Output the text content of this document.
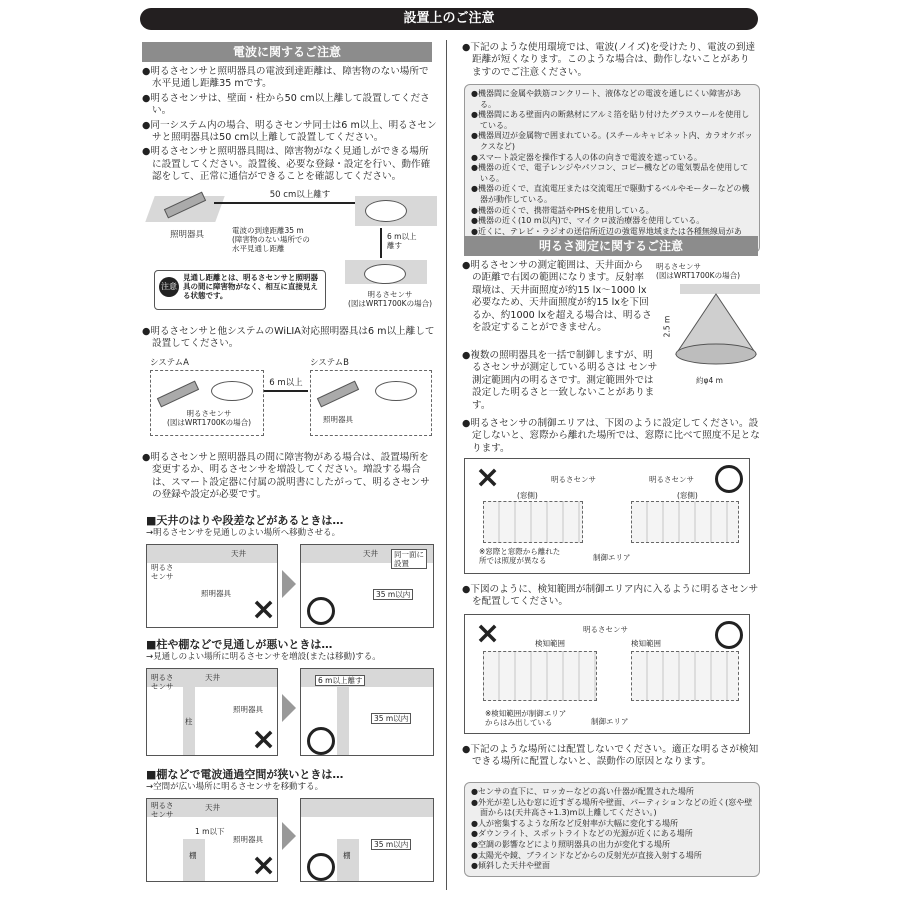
設置上のご注意
電波に関するご注意

●明るさセンサと照明器具の電波到達距離は、障害物のない場所で水平見通し距離35 mです。

●明るさセンサは、壁面・柱から50 cm以上離して設置してください。

●同一システム内の場合、明るさセンサ同士は6 m以上、明るさセンサと照明器具は50 cm以上離して設置してください。

●明るさセンサと照明器具間は、障害物がなく見通しができる場所に設置してください。設置後、必要な登録・設定を行い、動作確認をして、正常に通信ができることを確認してください。

50 cm以上離す
照明器具	電波の到達距離35 m
(障害物のない場所での
水平見通し距離
6 m以上
離す
明るさセンサ
(図はWRT1700Kの場合)
注意
見通し距離とは、明るさセンサと照明器具の間に障害物がなく、相互に直接見える状態です。

●明るさセンサと他システムのWiLIA対応照明器具は6 m以上離して設置してください。

システムA	システムB
明るさセンサ
(図はWRT1700Kの場合)
6 m以上
照明器具

●明るさセンサと照明器具の間に障害物がある場合は、設置場所を変更するか、明るさセンサを増設してください。増設する場合は、スマート設定器に付属の説明書にしたがって、明るさセンサの登録や設定が必要です。

■天井のはりや段差などがあるときは…
→明るさセンサを見通しのよい場所へ移動させる。
天井
明るさ
センサ
照明器具 ×
天井	同一面に
設置
35 m以内
■柱や棚などで見通しが悪いときは…
→見通しのよい場所に明るさセンサを増設(または移動)する。
天井
明るさ
センサ
柱
照明器具
×
6 m以上離す
35 m以内
■棚などで電波通過空間が狭いときは…
→空間が広い場所に明るさセンサを移動する。
天井
明るさ
センサ
1 m以下
棚
照明器具
×	棚
35 m以内

●下記のような使用環境では、電波(ノイズ)を受けたり、電波の到達距離が短くなります。このような場合は、動作しないことがありますのでご注意ください。

●機器間に金属や鉄筋コンクリート、液体などの電波を通しにくい障害がある。
●機器間にある壁面内の断熱材にアルミ箔を貼り付けたグラスウールを使用している。
●機器周辺が金属物で囲まれている。(スチールキャビネット内、カラオケボックスなど)
●スマート設定器を操作する人の体の向きで電波を遮っている。
●機器の近くで、電子レンジやパソコン、コピー機などの電気製品を使用している。
●機器の近くで、直流電圧または交流電圧で駆動するベルやモーターなどの機器が動作している。
●機器の近くで、携帯電話やPHSを使用している。
●機器の近く(10 m以内)で、マイクロ波治療器を使用している。
●近くに、テレビ・ラジオの送信所近辺の強電界地域または各種無線局があ
明るさ測定に関するご注意

●明るさセンサの測定範囲は、天井面からの距離で右図の範囲になります。反射率環境は、天井面照度が約15 lx～1000 lx必要なため、天井面照度が約15 lxを下回るか、約1000 lxを超える場合は、明るさを設定することができません。

明るさセンサ
(図はWRT1700Kの場合)
2.5 m
約φ4 m

●複数の照明器具を一括で制御しますが、明るさセンサが測定している明るさは センサ測定範囲内の明るさです。測定範囲外では設定した明るさと一致しないことがあります。

●明るさセンサの制御エリアは、下図のように設定してください。設定しないと、窓際から離れた場所では、窓際に比べて照度不足となります。

×	明るさセンサ
(窓側)
※窓際と窓際から離れた
所では照度が異なる	制御エリア
明るさセンサ
(窓側)

●下図のように、検知範囲が制御エリア内に入るように明るさセンサを配置してください。

×	明るさセンサ
検知範囲
※検知範囲が制御エリア
からはみ出している	制御エリア
検知範囲

●下記のような場所には配置しないでください。適正な明るさが検知できる場所に配置しないと、誤動作の原因となります。

●センサの直下に、ロッカーなどの高い什器が配置された場所
●外光が差し込む窓に近すぎる場所や壁面、パーティションなどの近く(窓や壁面からは(天井高さ÷1.3)m以上離してください。)
●人が密集するような所など反射率が大幅に変化する場所
●ダウンライト、スポットライトなどの光源が近くにある場所
●空調の影響などにより照明器具の出力が変化する場所
●太陽光や鏡、ブラインドなどからの反射光が直接入射する場所
●傾斜した天井や壁面
